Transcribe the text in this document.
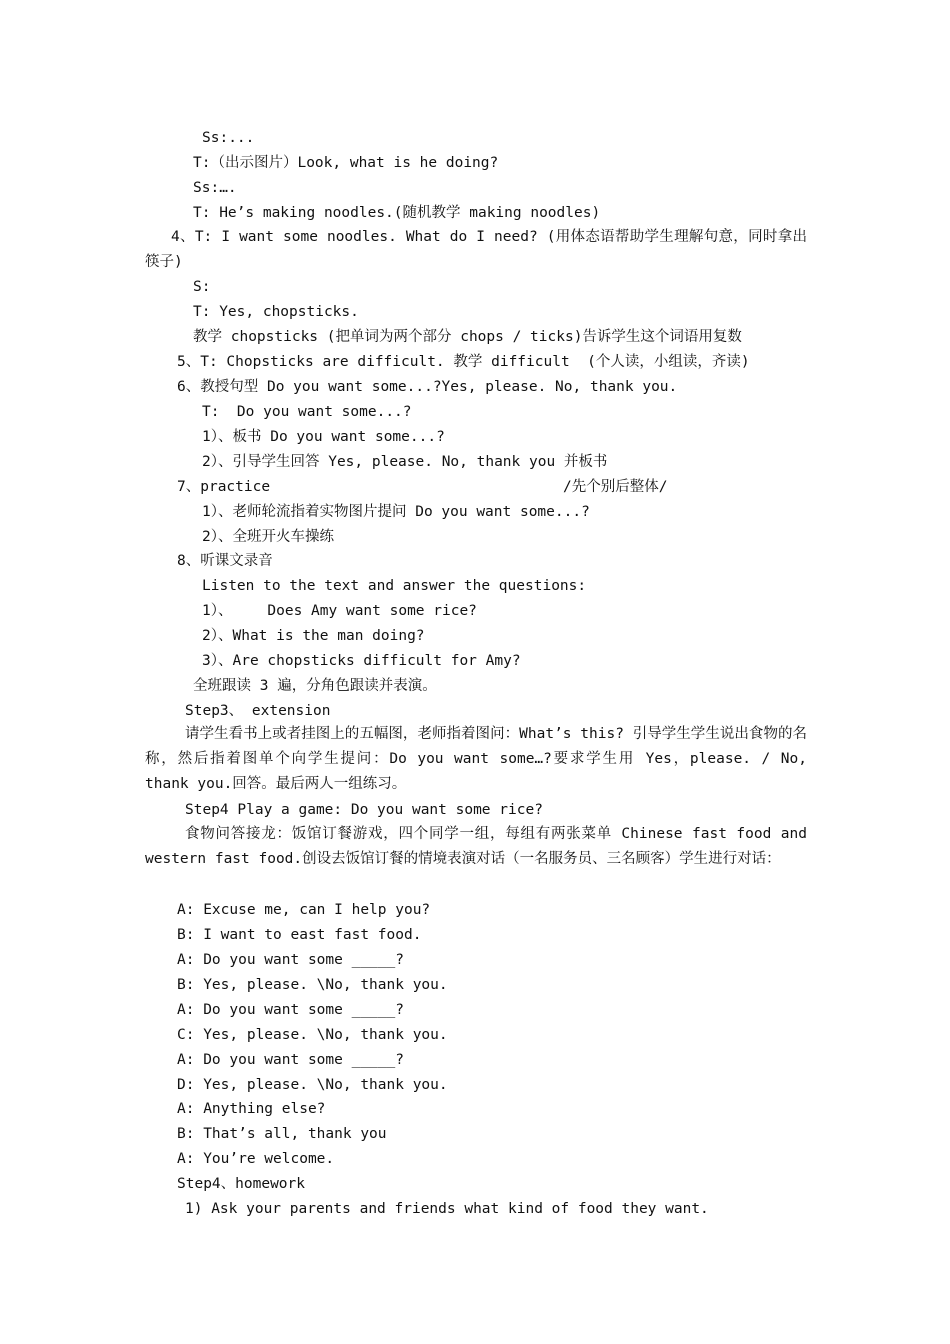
Ss:...
T:（出示图片）Look, what is he doing?
Ss:….
T: He’s making noodles.(随机教学 making noodles)
4、T: I want some noodles. What do I need? (用体态语帮助学生理解句意，同时拿出筷子)
S:
T: Yes, chopsticks.
教学 chopsticks (把单词为两个部分 chops / ticks)告诉学生这个词语用复数
5、T: Chopsticks are difficult. 教学 difficult  (个人读，小组读，齐读)
6、教授句型 Do you want some...?Yes, please. No, thank you.
T:  Do you want some...?
1）、板书 Do you want some...?
2）、引导学生回答 Yes, please. No, thank you 并板书
7、practice	/先个别后整体/
1）、老师轮流指着实物图片提问 Do you want some...?
2）、全班开火车操练
8、听课文录音
Listen to the text and answer the questions:
1）、    Does Amy want some rice?
2）、What is the man doing?
3）、Are chopsticks difficult for Amy?
全班跟读 3 遍，分角色跟读并表演。
Step3、 extension
请学生看书上或者挂图上的五幅图，老师指着图问：What’s this? 引导学生学生说出食物的名称，然后指着图单个向学生提问：Do you want some…?要求学生用 Yes，please. / No, thank you.回答。最后两人一组练习。
Step4 Play a game: Do you want some rice?
食物问答接龙：饭馆订餐游戏，四个同学一组，每组有两张菜单 Chinese fast food and western fast food.创设去饭馆订餐的情境表演对话（一名服务员、三名顾客）学生进行对话：
A: Excuse me, can I help you?
B: I want to east fast food.
A: Do you want some _____?
B: Yes, please. \No, thank you.
A: Do you want some _____?
C: Yes, please. \No, thank you.
A: Do you want some _____?
D: Yes, please. \No, thank you.
A: Anything else?
B: That’s all, thank you
A: You’re welcome.
Step4、homework
1) Ask your parents and friends what kind of food they want.
